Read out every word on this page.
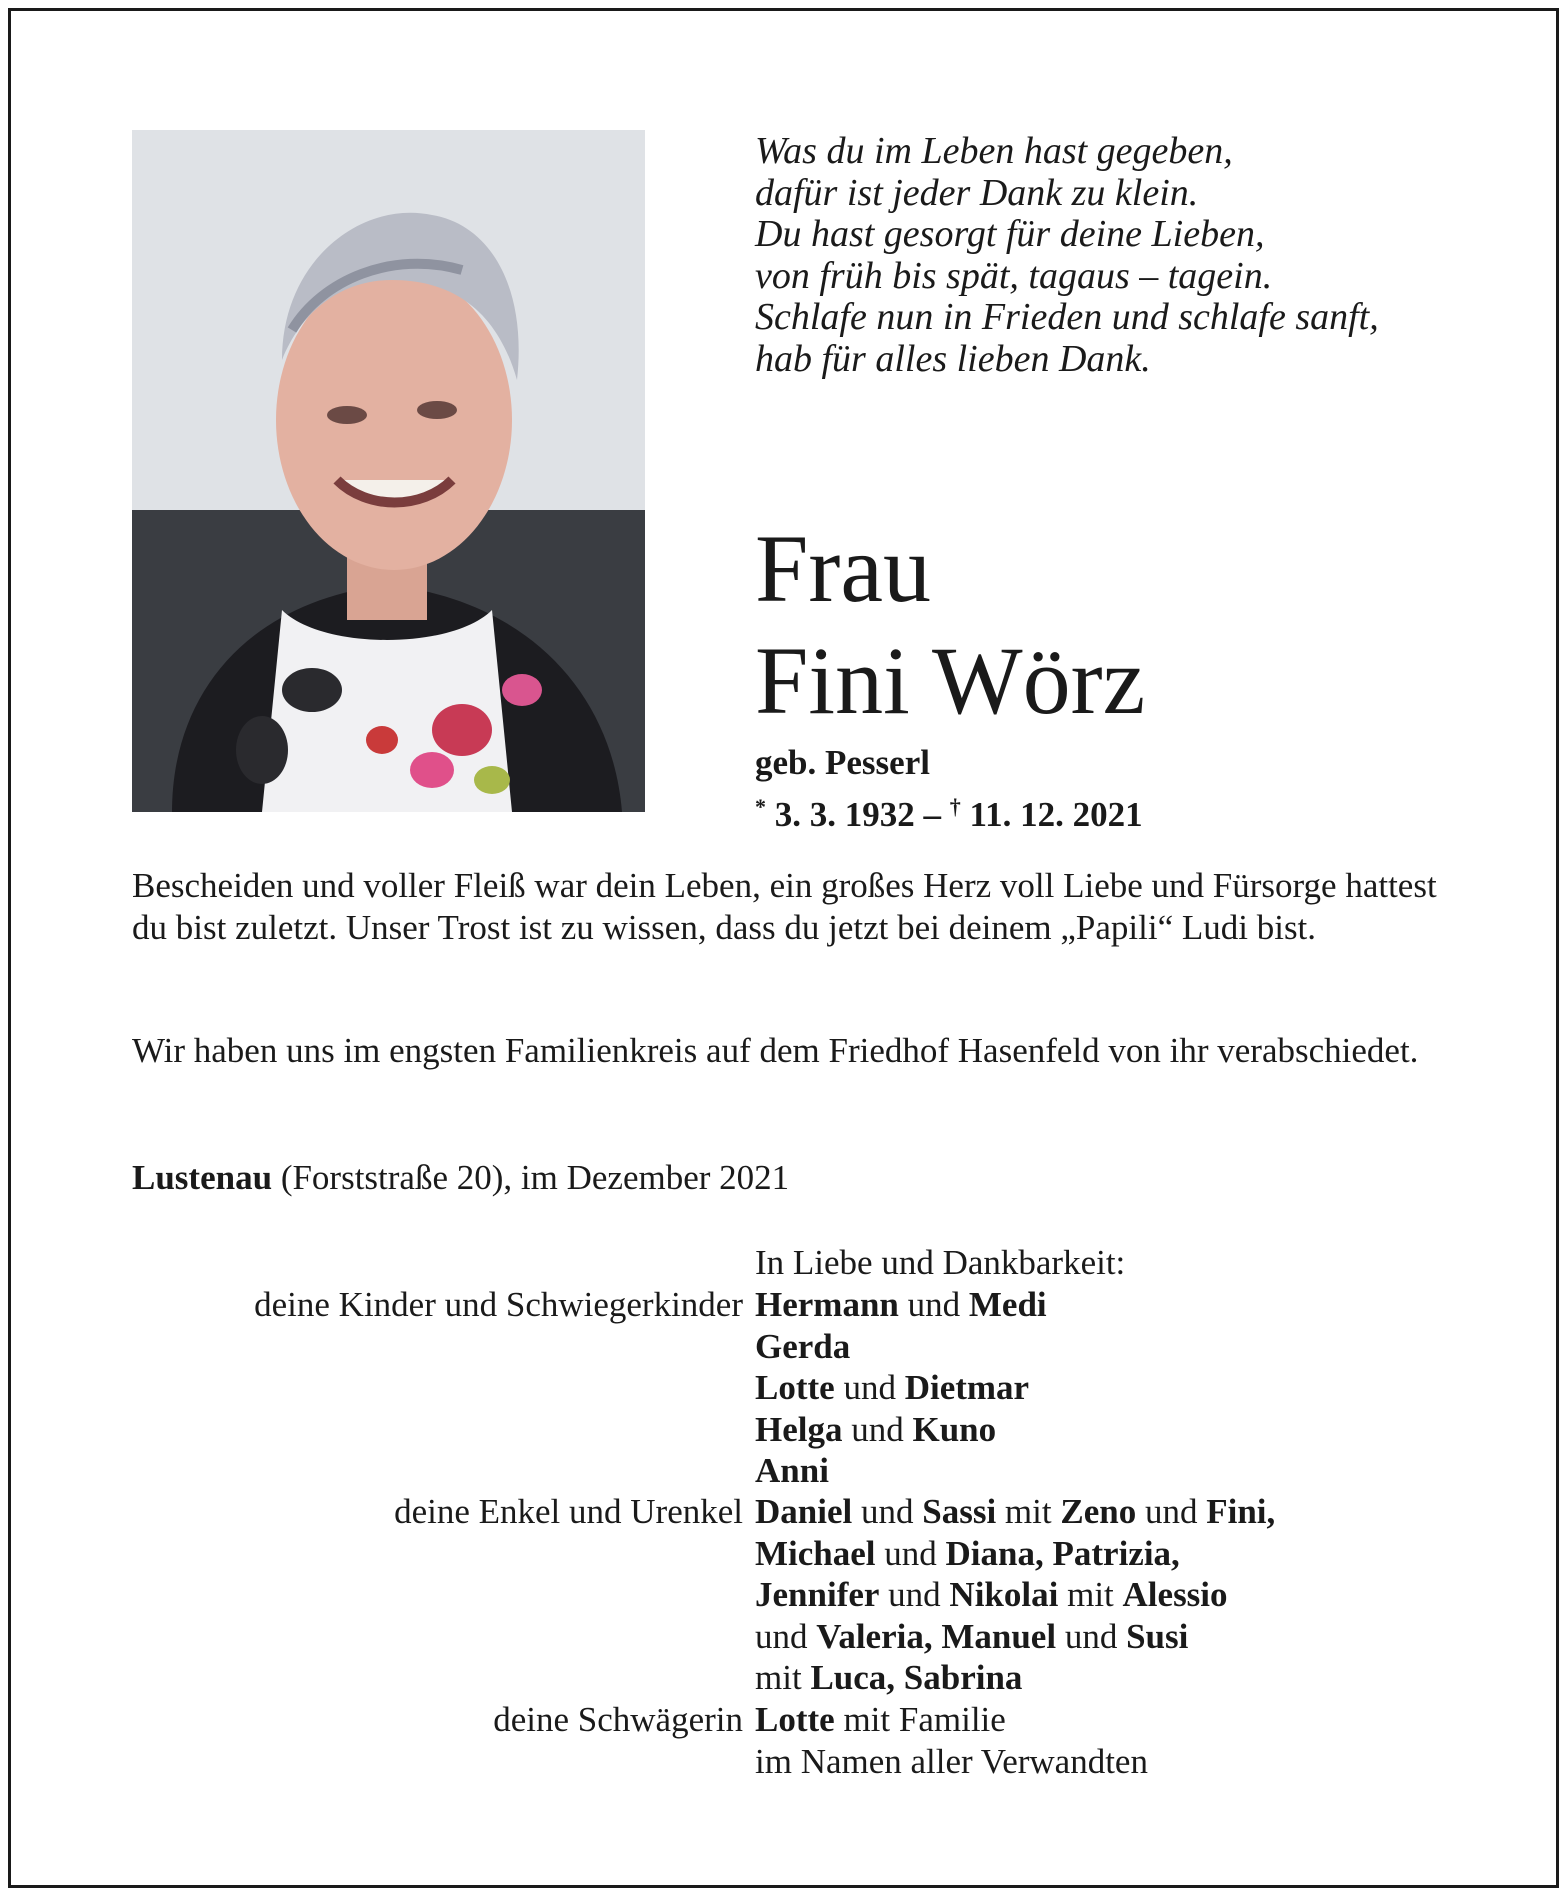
Was du im Leben hast gegeben,
dafür ist jeder Dank zu klein.
Du hast gesorgt für deine Lieben,
von früh bis spät, tagaus – tagein.
Schlafe nun in Frieden und schlafe sanft,
hab für alles lieben Dank.
Frau
Fini Wörz
geb. Pesserl
* 3. 3. 1932 – † 11. 12. 2021
Bescheiden und voller Fleiß war dein Leben, ein großes Herz voll Liebe und Fürsorge hattest du bist zuletzt. Unser Trost ist zu wissen, dass du jetzt bei deinem „Papili“ Ludi bist.
Wir haben uns im engsten Familienkreis auf dem Friedhof Hasenfeld von ihr verabschiedet.
Lustenau (Forststraße 20), im Dezember 2021
In Liebe und Dankbarkeit:
deine Kinder und Schwiegerkinder Hermann und Medi
Gerda
Lotte und Dietmar
Helga und Kuno
Anni
deine Enkel und Urenkel Daniel und Sassi mit Zeno und Fini,
Michael und Diana, Patrizia,
Jennifer und Nikolai mit Alessio
und Valeria, Manuel und Susi
mit Luca, Sabrina
deine Schwägerin Lotte mit Familie
im Namen aller Verwandten
